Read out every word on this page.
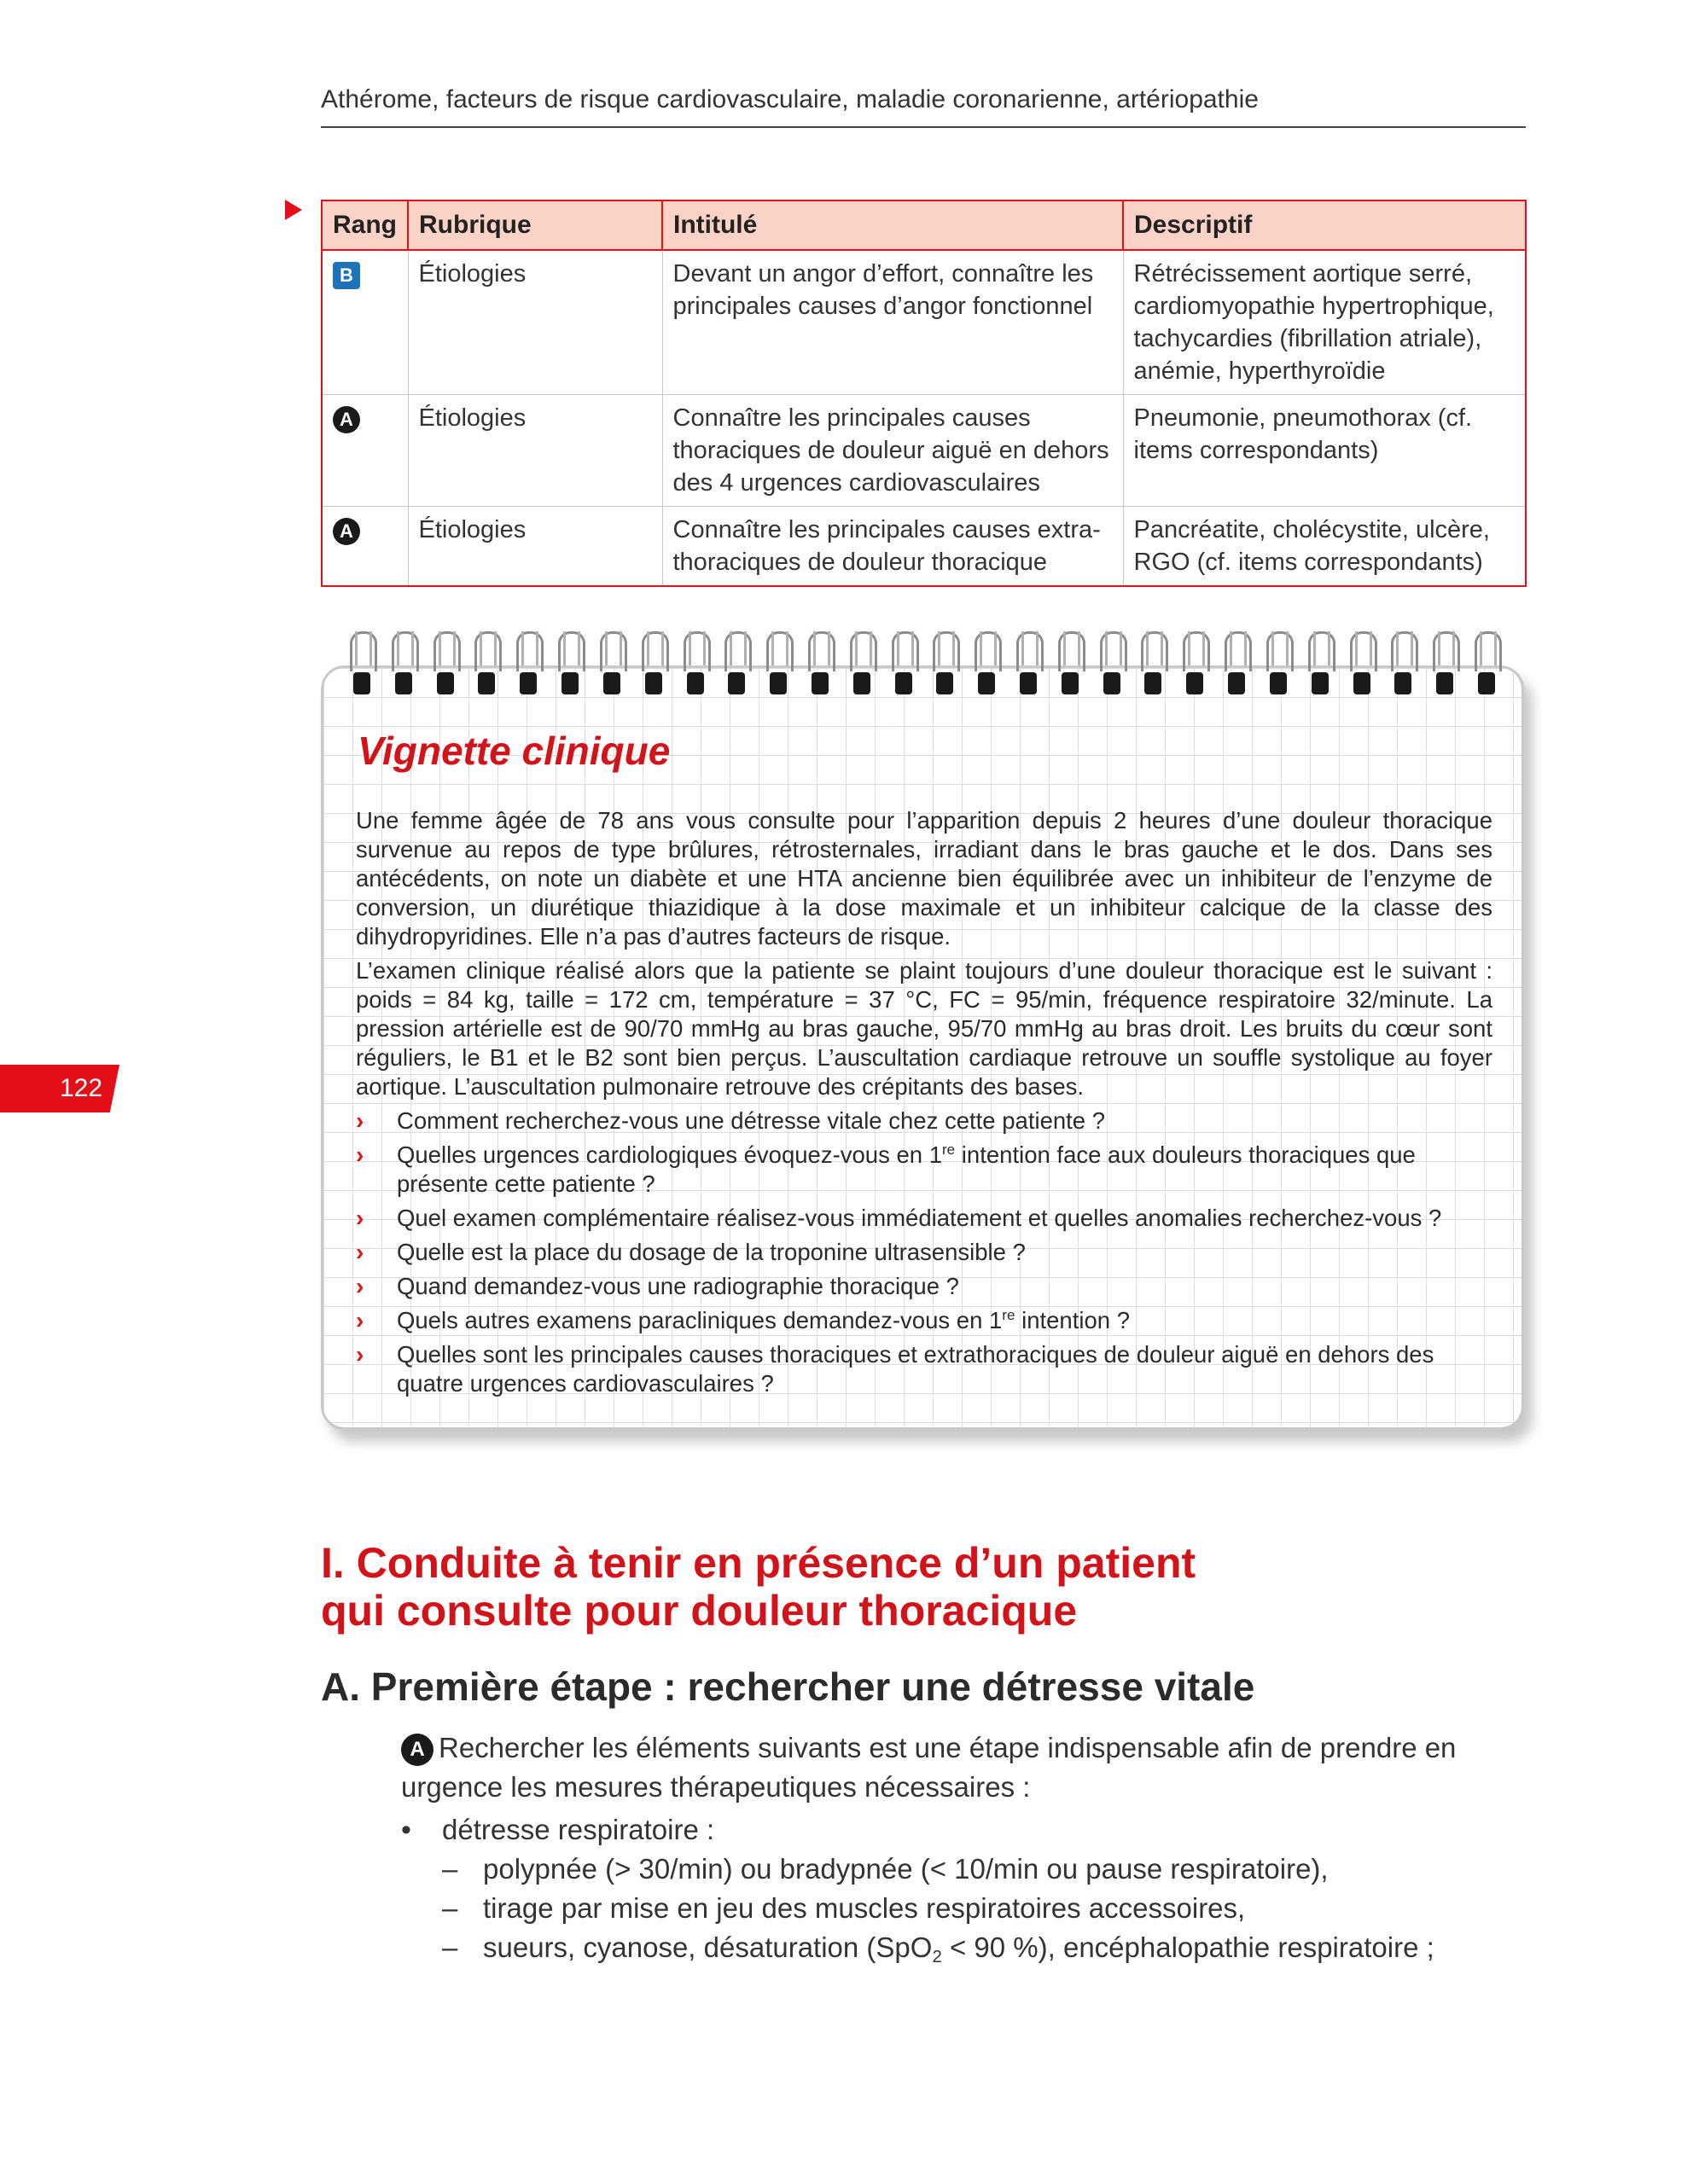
Athérome, facteurs de risque cardiovasculaire, maladie coronarienne, artériopathie
Rang	Rubrique	Intitulé	Descriptif
B	Étiologies	Devant un angor d’effort, connaître les principales causes d’angor fonctionnel	Rétrécissement aortique serré, cardiomyopathie hypertrophique, tachycardies (fibrillation atriale), anémie, hyperthyroïdie
A	Étiologies	Connaître les principales causes thoraciques de douleur aiguë en dehors des 4 urgences cardiovasculaires	Pneumonie, pneumothorax (cf. items correspondants)
A	Étiologies	Connaître les principales causes extra-thoraciques de douleur thoracique	Pancréatite, cholécystite, ulcère, RGO (cf. items correspondants)
Vignette clinique

Une femme âgée de 78 ans vous consulte pour l’apparition depuis 2 heures d’une douleur thoracique survenue au repos de type brûlures, rétrosternales, irradiant dans le bras gauche et le dos. Dans ses antécédents, on note un diabète et une HTA ancienne bien équilibrée avec un inhibiteur de l’enzyme de conversion, un diurétique thiazidique à la dose maximale et un inhibiteur calcique de la classe des dihydropyridines. Elle n’a pas d’autres facteurs de risque.

L’examen clinique réalisé alors que la patiente se plaint toujours d’une douleur thoracique est le suivant : poids = 84 kg, taille = 172 cm, température = 37 °C, FC = 95/min, fréquence respiratoire 32/minute. La pression artérielle est de 90/70 mmHg au bras gauche, 95/70 mmHg au bras droit. Les bruits du cœur sont réguliers, le B1 et le B2 sont bien perçus. L’auscultation cardiaque retrouve un souffle systolique au foyer aortique. L’auscultation pulmonaire retrouve des crépitants des bases.

› Comment recherchez-vous une détresse vitale chez cette patiente ?
› Quelles urgences cardiologiques évoquez-vous en 1re intention face aux douleurs thoraciques que présente cette patiente ?
› Quel examen complémentaire réalisez-vous immédiatement et quelles anomalies recherchez-vous ?
› Quelle est la place du dosage de la troponine ultrasensible ?
› Quand demandez-vous une radiographie thoracique ?
› Quels autres examens paracliniques demandez-vous en 1re intention ?
› Quelles sont les principales causes thoraciques et extrathoraciques de douleur aiguë en dehors des quatre urgences cardiovasculaires ?
122
I. Conduite à tenir en présence d’un patient
qui consulte pour douleur thoracique
A. Première étape : rechercher une détresse vitale
A Rechercher les éléments suivants est une étape indispensable afin de prendre en urgence les mesures thérapeutiques nécessaires :
• détresse respiratoire :
– polypnée (> 30/min) ou bradypnée (< 10/min ou pause respiratoire),
– tirage par mise en jeu des muscles respiratoires accessoires,
– sueurs, cyanose, désaturation (SpO$_2$ < 90 %), encéphalopathie respiratoire ;
